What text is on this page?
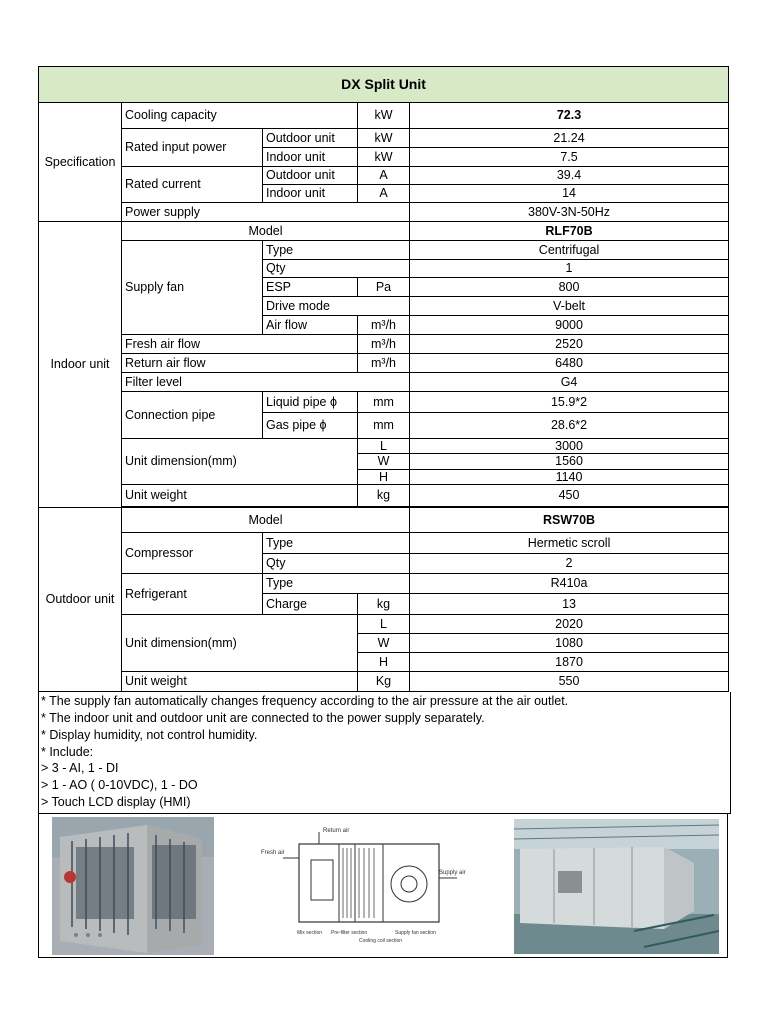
DX Split Unit				
Specification	Cooling capacity		kW	72.3
	Rated input power	Outdoor unit	kW	21.24
		Indoor unit	kW	7.5
	Rated current	Outdoor unit	A	39.4
		Indoor unit	A	14
	Power supply			380V-3N-50Hz
Indoor unit	Model			RLF70B
	Supply fan	Type		Centrifugal
		Qty		1
		ESP	Pa	800
		Drive mode		V-belt
		Air flow	m³/h	9000
	Fresh air flow		m³/h	2520
	Return air flow		m³/h	6480
	Filter level			G4
	Connection pipe	Liquid pipe ϕ	mm	15.9*2
		Gas pipe ϕ	mm	28.6*2
	Unit dimension(mm)		L	3000
			W	1560
			H	1140
	Unit weight		kg	450

Outdoor unit	Model			RSW70B
	Compressor	Type		Hermetic scroll
		Qty		2
	Refrigerant	Type		R410a
		Charge	kg	13
	Unit dimension(mm)		L	2020
			W	1080
			H	1870
	Unit weight		Kg	550
* The supply fan automatically changes frequency according to the air pressure at the air outlet.
* The indoor unit and outdoor unit are connected to the power supply separately.
* Display humidity, not control humidity.
* Include:
> 3 - AI, 1 - DI
> 1 - AO ( 0-10VDC), 1 - DO
> Touch LCD display (HMI)
Return air
Fresh air
Supply air
Mix section Pre-filter section
Cooling coil section
Supply fan section
